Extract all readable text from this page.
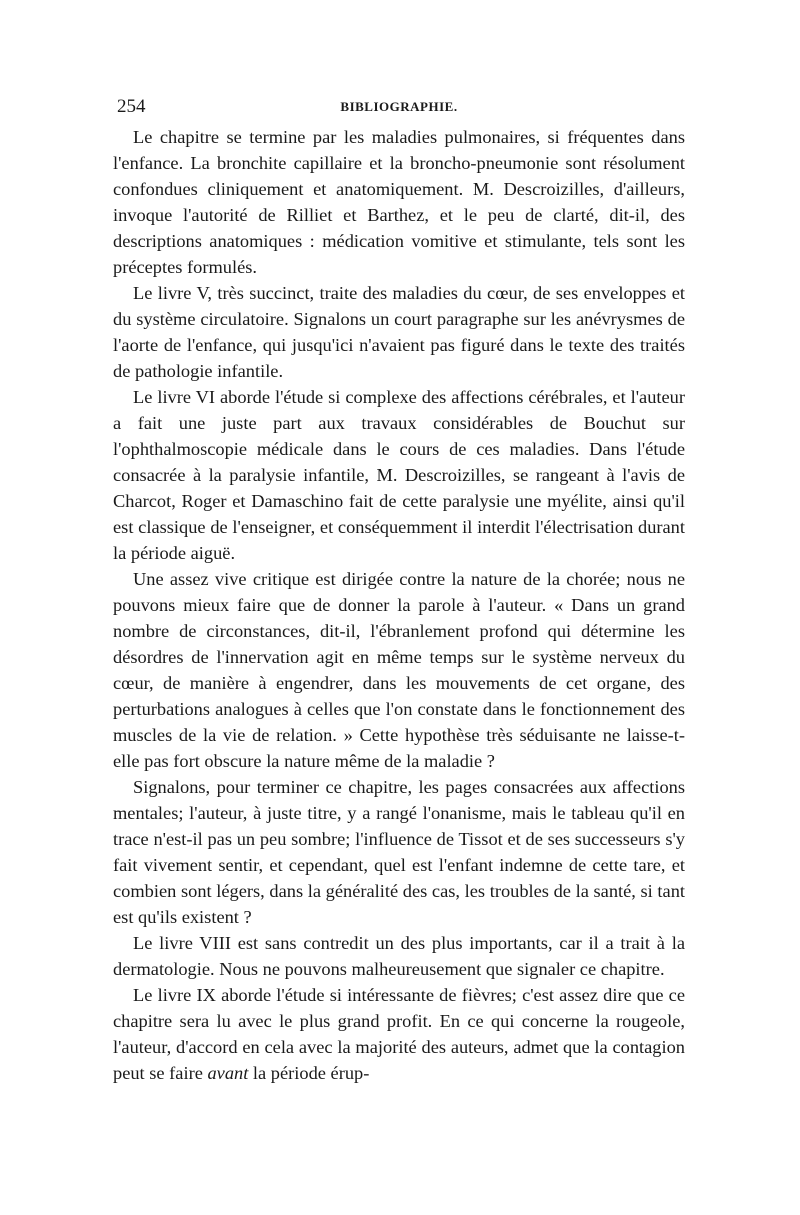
254	BIBLIOGRAPHIE.

Le chapitre se termine par les maladies pulmonaires, si fréquentes dans l'enfance. La bronchite capillaire et la broncho-pneumonie sont résolument confondues cliniquement et anatomiquement. M. Descroizilles, d'ailleurs, invoque l'autorité de Rilliet et Barthez, et le peu de clarté, dit-il, des descriptions anatomiques : médication vomitive et stimulante, tels sont les préceptes formulés.

Le livre V, très succinct, traite des maladies du cœur, de ses enveloppes et du système circulatoire. Signalons un court paragraphe sur les anévrysmes de l'aorte de l'enfance, qui jusqu'ici n'avaient pas figuré dans le texte des traités de pathologie infantile.

Le livre VI aborde l'étude si complexe des affections cérébrales, et l'auteur a fait une juste part aux travaux considérables de Bouchut sur l'ophthalmoscopie médicale dans le cours de ces maladies. Dans l'étude consacrée à la paralysie infantile, M. Descroizilles, se rangeant à l'avis de Charcot, Roger et Damaschino fait de cette paralysie une myélite, ainsi qu'il est classique de l'enseigner, et conséquemment il interdit l'électrisation durant la période aiguë.

Une assez vive critique est dirigée contre la nature de la chorée; nous ne pouvons mieux faire que de donner la parole à l'auteur. « Dans un grand nombre de circonstances, dit-il, l'ébranlement profond qui détermine les désordres de l'innervation agit en même temps sur le système nerveux du cœur, de manière à engendrer, dans les mouvements de cet organe, des perturbations analogues à celles que l'on constate dans le fonctionnement des muscles de la vie de relation. » Cette hypothèse très séduisante ne laisse-t-elle pas fort obscure la nature même de la maladie ?

Signalons, pour terminer ce chapitre, les pages consacrées aux affections mentales; l'auteur, à juste titre, y a rangé l'onanisme, mais le tableau qu'il en trace n'est-il pas un peu sombre; l'influence de Tissot et de ses successeurs s'y fait vivement sentir, et cependant, quel est l'enfant indemne de cette tare, et combien sont légers, dans la généralité des cas, les troubles de la santé, si tant est qu'ils existent ?

Le livre VIII est sans contredit un des plus importants, car il a trait à la dermatologie. Nous ne pouvons malheureusement que signaler ce chapitre.

Le livre IX aborde l'étude si intéressante de fièvres; c'est assez dire que ce chapitre sera lu avec le plus grand profit. En ce qui concerne la rougeole, l'auteur, d'accord en cela avec la majorité des auteurs, admet que la contagion peut se faire avant la période érup-
